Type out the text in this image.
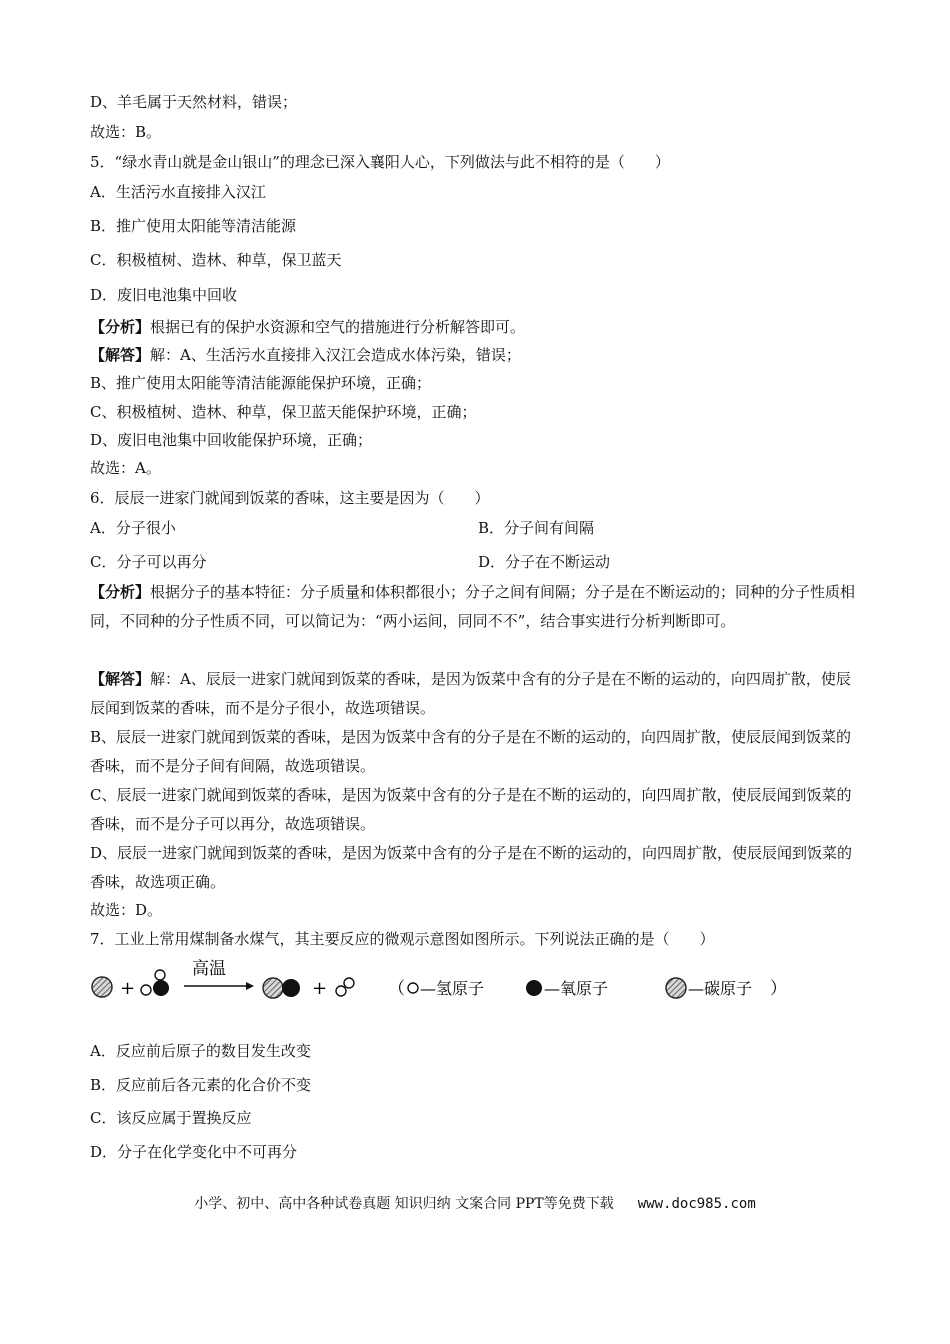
D、羊毛属于天然材料，错误；
故选：B。
5．“绿水青山就是金山银山”的理念已深入襄阳人心，下列做法与此不相符的是（　　）
A．生活污水直接排入汉江
B．推广使用太阳能等清洁能源
C．积极植树、造林、种草，保卫蓝天
D．废旧电池集中回收
【分析】根据已有的保护水资源和空气的措施进行分析解答即可。
【解答】解：A、生活污水直接排入汉江会造成水体污染，错误；
B、推广使用太阳能等清洁能源能保护环境，正确；
C、积极植树、造林、种草，保卫蓝天能保护环境，正确；
D、废旧电池集中回收能保护环境，正确；
故选：A。
6．辰辰一进家门就闻到饭菜的香味，这主要是因为（　　）
A．分子很小	B．分子间有间隔
C．分子可以再分	D．分子在不断运动
【分析】根据分子的基本特征：分子质量和体积都很小；分子之间有间隔；分子是在不断运动的；同种的分子性质相同，不同种的分子性质不同，可以简记为：“两小运间，同同不不”，结合事实进行分析判断即可。
【解答】解：A、辰辰一进家门就闻到饭菜的香味，是因为饭菜中含有的分子是在不断的运动的，向四周扩散，使辰辰闻到饭菜的香味，而不是分子很小，故选项错误。
B、辰辰一进家门就闻到饭菜的香味，是因为饭菜中含有的分子是在不断的运动的，向四周扩散，使辰辰闻到饭菜的香味，而不是分子间有间隔，故选项错误。
C、辰辰一进家门就闻到饭菜的香味，是因为饭菜中含有的分子是在不断的运动的，向四周扩散，使辰辰闻到饭菜的香味，而不是分子可以再分，故选项错误。
D、辰辰一进家门就闻到饭菜的香味，是因为饭菜中含有的分子是在不断的运动的，向四周扩散，使辰辰闻到饭菜的香味，故选项正确。
故选：D。
7．工业上常用煤制备水煤气，其主要反应的微观示意图如图所示。下列说法正确的是（　　）
+
高温
+	（ —氢原子	—氧原子	—碳原子 ）
A．反应前后原子的数目发生改变
B．反应前后各元素的化合价不变
C．该反应属于置换反应
D．分子在化学变化中不可再分
小学、初中、高中各种试卷真题 知识归纳 文案合同 PPT等免费下载 www.doc985.com
